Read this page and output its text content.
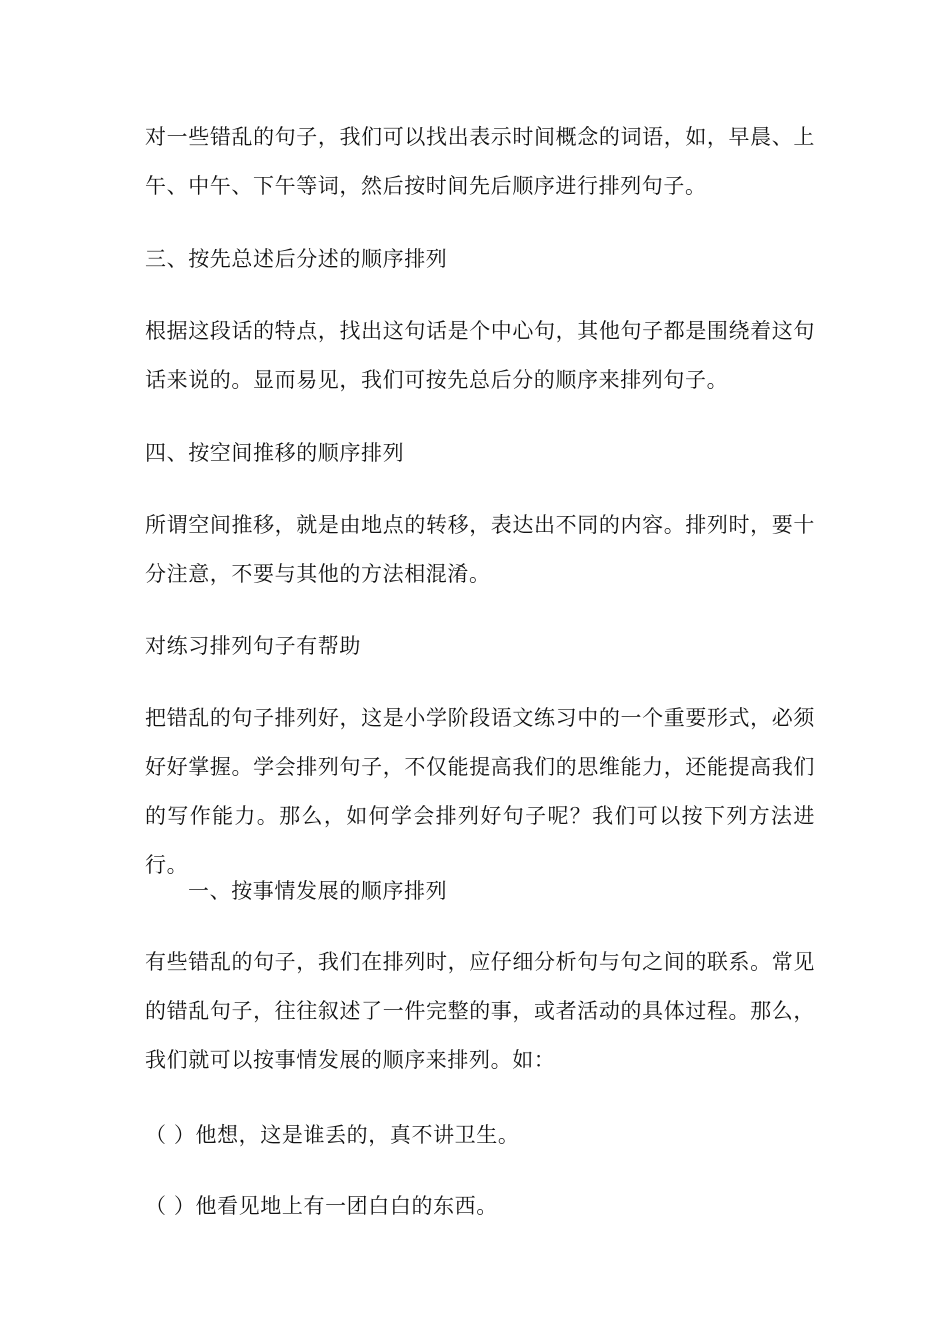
对一些错乱的句子，我们可以找出表示时间概念的词语，如，早晨、上午、中午、下午等词，然后按时间先后顺序进行排列句子。

三、按先总述后分述的顺序排列

根据这段话的特点，找出这句话是个中心句，其他句子都是围绕着这句话来说的。显而易见，我们可按先总后分的顺序来排列句子。

四、按空间推移的顺序排列

所谓空间推移，就是由地点的转移，表达出不同的内容。排列时，要十分注意，不要与其他的方法相混淆。

对练习排列句子有帮助

把错乱的句子排列好，这是小学阶段语文练习中的一个重要形式，必须好好掌握。学会排列句子，不仅能提高我们的思维能力，还能提高我们的写作能力。那么，如何学会排列好句子呢？我们可以按下列方法进行。

一、按事情发展的顺序排列

有些错乱的句子，我们在排列时，应仔细分析句与句之间的联系。常见的错乱句子，往往叙述了一件完整的事，或者活动的具体过程。那么，我们就可以按事情发展的顺序来排列。如：

（ ）他想，这是谁丢的，真不讲卫生。

（ ）他看见地上有一团白白的东西。
